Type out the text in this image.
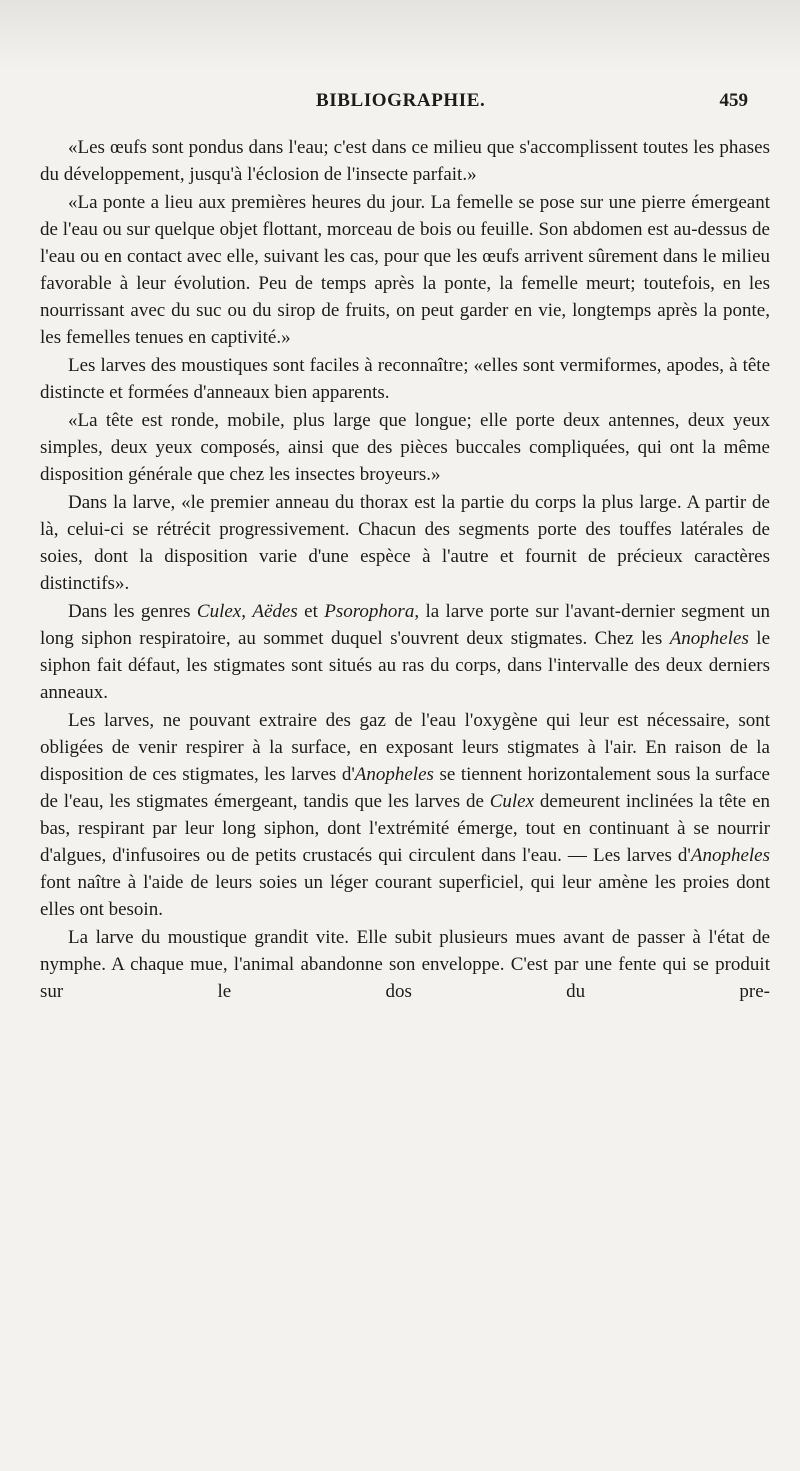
BIBLIOGRAPHIE.	459

«Les œufs sont pondus dans l'eau; c'est dans ce milieu que s'accomplissent toutes les phases du développement, jusqu'à l'éclosion de l'insecte parfait.»

«La ponte a lieu aux premières heures du jour. La femelle se pose sur une pierre émergeant de l'eau ou sur quelque objet flottant, morceau de bois ou feuille. Son abdomen est au-dessus de l'eau ou en contact avec elle, suivant les cas, pour que les œufs arrivent sûrement dans le milieu favorable à leur évolution. Peu de temps après la ponte, la femelle meurt; toutefois, en les nourrissant avec du suc ou du sirop de fruits, on peut garder en vie, longtemps après la ponte, les femelles tenues en captivité.»

Les larves des moustiques sont faciles à reconnaître; «elles sont vermiformes, apodes, à tête distincte et formées d'anneaux bien apparents.

«La tête est ronde, mobile, plus large que longue; elle porte deux antennes, deux yeux simples, deux yeux composés, ainsi que des pièces buccales compliquées, qui ont la même disposition générale que chez les insectes broyeurs.»

Dans la larve, «le premier anneau du thorax est la partie du corps la plus large. A partir de là, celui-ci se rétrécit progressivement. Chacun des segments porte des touffes latérales de soies, dont la disposition varie d'une espèce à l'autre et fournit de précieux caractères distinctifs».

Dans les genres Culex, Aëdes et Psorophora, la larve porte sur l'avant-dernier segment un long siphon respiratoire, au sommet duquel s'ouvrent deux stigmates. Chez les Anopheles le siphon fait défaut, les stigmates sont situés au ras du corps, dans l'intervalle des deux derniers anneaux.

Les larves, ne pouvant extraire des gaz de l'eau l'oxygène qui leur est nécessaire, sont obligées de venir respirer à la surface, en exposant leurs stigmates à l'air. En raison de la disposition de ces stigmates, les larves d'Anopheles se tiennent horizontalement sous la surface de l'eau, les stigmates émergeant, tandis que les larves de Culex demeurent inclinées la tête en bas, respirant par leur long siphon, dont l'extrémité émerge, tout en continuant à se nourrir d'algues, d'infusoires ou de petits crustacés qui circulent dans l'eau. — Les larves d'Anopheles font naître à l'aide de leurs soies un léger courant superficiel, qui leur amène les proies dont elles ont besoin.

La larve du moustique grandit vite. Elle subit plusieurs mues avant de passer à l'état de nymphe. A chaque mue, l'animal abandonne son enveloppe. C'est par une fente qui se produit sur le dos du pre-
